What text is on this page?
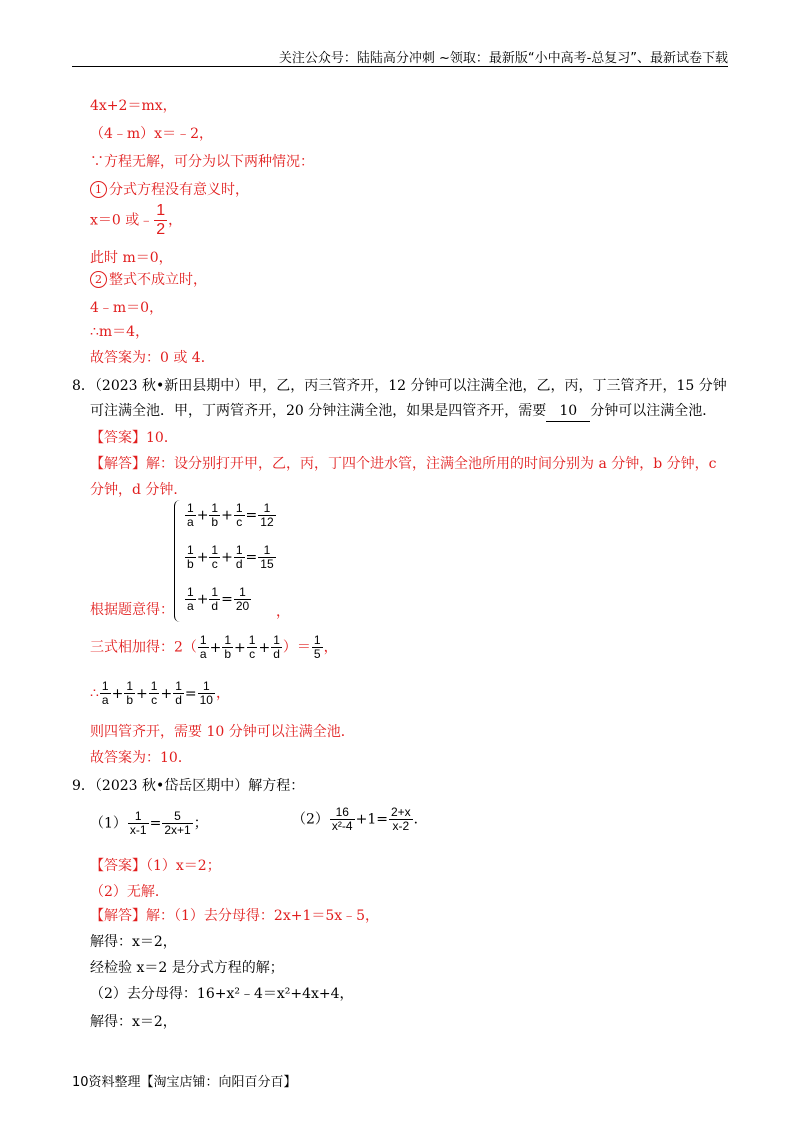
关注公众号：陆陆高分冲刺 ~领取：最新版“小中高考-总复习”、最新试卷下载
4x+2＝mx，
（4﹣m）x＝﹣2，
∵方程无解，可分为以下两种情况：
1 分式方程没有意义时，
x＝0 或﹣ $\frac{1}{2}$ ，
此时 m＝0，
2 整式不成立时，
4﹣m＝0，
∴m＝4，
故答案为：0 或 4．
8．（2023 秋•新田县期中）甲，乙，丙三管齐开，12 分钟可以注满全池，乙，丙，丁三管齐开，15 分钟
可注满全池．甲，丁两管齐开，20 分钟注满全池，如果是四管齐开，需要 10 分钟可以注满全池．
【答案】10．
【解答】解：设分别打开甲，乙，丙，丁四个进水管，注满全池所用的时间分别为 a 分钟，b 分钟，c
分钟，d 分钟．
$\frac{1}{a} + \frac{1}{b} + \frac{1}{c} = \frac{1}{12}$
$\frac{1}{b} + \frac{1}{c} + \frac{1}{d} = \frac{1}{15}$
根据题意得： $\frac{1}{a} + \frac{1}{d} = \frac{1}{20}$ ，
三式相加得：$2( \frac{1}{a} + \frac{1}{b} + \frac{1}{c} + \frac{1}{d}$ ）＝ $\frac{1}{5}$ ，
∴ $\frac{1}{a} + \frac{1}{b} + \frac{1}{c} + \frac{1}{d} = \frac{1}{10}$ ，
则四管齐开，需要 10 分钟可以注满全池．
故答案为：10．
9．（2023 秋•岱岳区期中）解方程：
$(1) \frac{1}{x-1} = \frac{5}{2x+1}$ ；	$(2) \frac{16}{\text{x²-4}} +1= \frac{2+x}{x-2}$ ．
【答案】（1）x＝2；
（2）无解．
【解答】解：（1）去分母得：2x+1＝5x﹣5，
解得：x＝2，
经检验 x＝2 是分式方程的解；
（2）去分母得：16+x²﹣4＝x²+4x+4，
解得：x＝2，
10资料整理【淘宝店铺：向阳百分百】
